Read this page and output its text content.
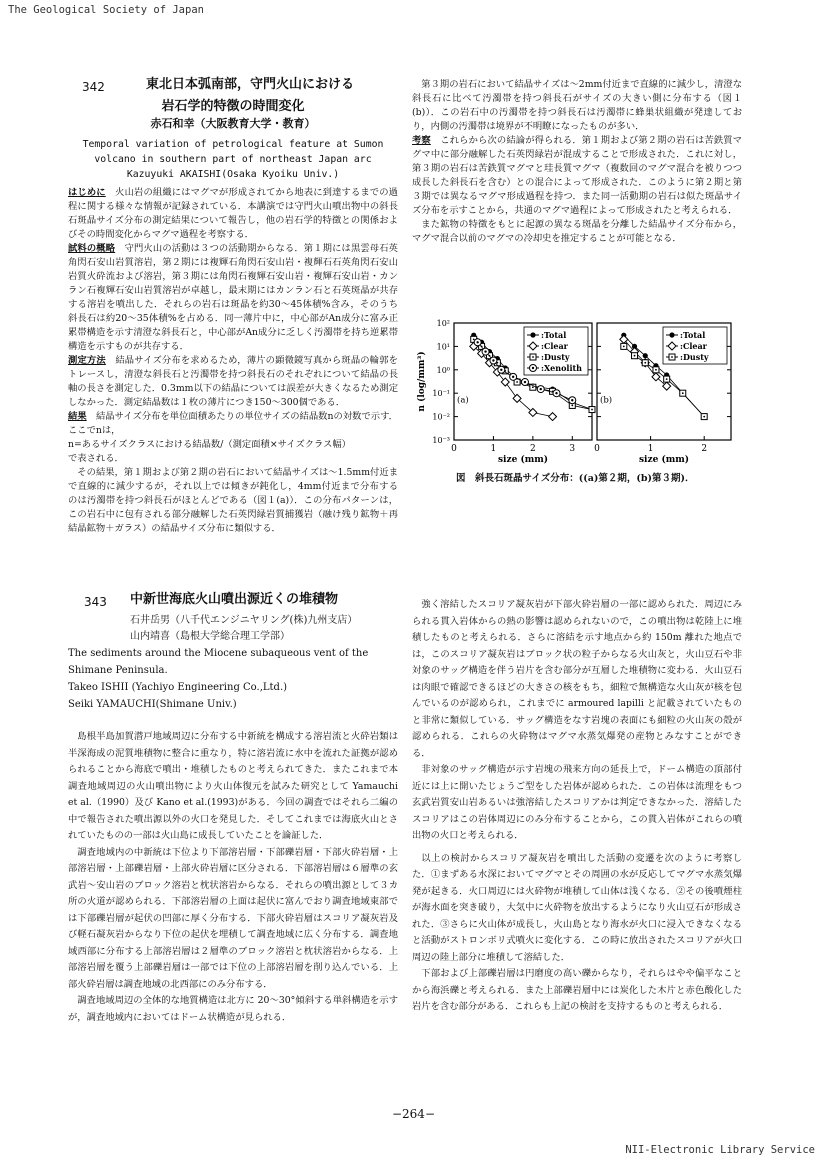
The Geological Society of Japan
342	東北日本弧南部，守門火山における
岩石学的特徴の時間変化
赤石和幸（大阪教育大学・教育）
Temporal variation of petrological feature at Sumon
volcano in southern part of northeast Japan arc
Kazuyuki AKAISHI(Osaka Kyoiku Univ.)

はじめに　 火山岩の組織にはマグマが形成されてから地表に到達するまでの過程に関する様々な情報が記録されている．本講演では守門火山噴出物中の斜長石斑晶サイズ分布の測定結果について報告し，他の岩石学的特徴との関係およびその時間変化からマグマ過程を考察する．

試料の概略　 守門火山の活動は３つの活動期からなる．第１期には黒雲母石英角閃石安山岩質溶岩，第２期には複輝石角閃石安山岩・複輝石石英角閃石安山岩質火砕流および溶岩，第３期には角閃石複輝石安山岩・複輝石安山岩・カンラン石複輝石安山岩質溶岩が卓越し，最末期にはカンラン石と石英斑晶が共存する溶岩を噴出した．それらの岩石は斑晶を約30～45体積%含み，そのうち斜長石は約20～35体積%を占める．同一薄片中に，中心部がAn成分に富み正累帯構造を示す清澄な斜長石と，中心部がAn成分に乏しく汚濁帯を持ち逆累帯構造を示すものが共存する．

測定方法　 結晶サイズ分布を求めるため，薄片の顕微鏡写真から斑晶の輪郭をトレースし，清澄な斜長石と汚濁帯を持つ斜長石のそれぞれについて結晶の長軸の長さを測定した．0.3mm以下の結晶については誤差が大きくなるため測定しなかった．測定結晶数は１枚の薄片につき150～300個である．

結果　 結晶サイズ分布を単位面積あたりの単位サイズの結晶数nの対数で示す．ここでnは，

n=あるサイズクラスにおける結晶数/（測定面積×サイズクラス幅）

で表される．

その結果，第１期および第２期の岩石において結晶サイズは～1.5mm付近まで直線的に減少するが，それ以上では傾きが鈍化し，4mm付近まで分布するのは汚濁帯を持つ斜長石がほとんどである（図１(a)）．この分布パターンは，この岩石中に包有される部分融解した石英閃緑岩質捕獲岩（融け残り鉱物＋再結晶鉱物＋ガラス）の結晶サイズ分布に類似する．

第３期の岩石において結晶サイズは～2mm付近まで直線的に減少し，清澄な斜長石に比べて汚濁帯を持つ斜長石がサイズの大きい側に分布する（図１(b)）．この岩石中の汚濁帯を持つ斜長石は汚濁帯に蜂巣状組織が発達しており，内側の汚濁帯は境界が不明瞭になったものが多い．

考察　 これらから次の結論が得られる．第１期および第２期の岩石は苦鉄質マグマ中に部分融解した石英閃緑岩が混成することで形成された．これに対し，第３期の岩石は苦鉄質マグマと珪長質マグマ（複数回のマグマ混合を被りつつ成長した斜長石を含む）との混合によって形成された．このように第２期と第３期では異なるマグマ形成過程を持つ．また同一活動期の岩石は似た斑晶サイズ分布を示すことから，共通のマグマ過程によって形成されたと考えられる．

また鉱物の特徴をもとに起源の異なる斑晶を分離した結晶サイズ分布から，マグマ混合以前のマグマの冷却史を推定することが可能となる．

10²
10¹
10⁰
10⁻¹
10⁻²
10⁻³
0	1	2	3
size (mm)
n (log/mm³)	(a)
:Total
:Clear
:Dusty
:Xenolith
0	1	2
size (mm)
(b)
:Total
:Clear
:Dusty
図　斜長石斑晶サイズ分布：((a)第２期，(b)第３期)．
343 中新世海底火山噴出源近くの堆積物
石井岳男（八千代エンジニヤリング(株)九州支店）
山内靖喜（島根大学総合理工学部）
The sediments around the Miocene subaqueous vent of the
Shimane Peninsula.
Takeo ISHII (Yachiyo Engineering Co.,Ltd.)
Seiki YAMAUCHI(Shimane Univ.)

島根半島加賀潜戸地域周辺に分布する中新統を構成する溶岩流と火砕岩類は半深海成の泥質堆積物に整合に重なり，特に溶岩流に水中を流れた証拠が認められることから海底で噴出・堆積したものと考えられてきた．またこれまで本調査地域周辺の火山噴出物により火山体復元を試みた研究として Yamauchi et al.（1990）及び Kano et al.(1993)がある．今回の調査ではそれら二編の中で報告された噴出源以外の火口を発見した．そしてこれまでは海底火山とされていたものの一部は火山島に成長していたことを論証した．

調査地域内の中新統は下位より下部溶岩層・下部礫岩層・下部火砕岩層・上部溶岩層・上部礫岩層・上部火砕岩層に区分される．下部溶岩層は６層準の玄武岩～安山岩のブロック溶岩と枕状溶岩からなる．それらの噴出源として３カ所の火道が認められる．下部溶岩層の上面は起伏に富んでおり調査地域東部では下部礫岩層が起伏の凹部に厚く分布する．下部火砕岩層はスコリア凝灰岩及び軽石凝灰岩からなり下位の起伏を埋積して調査地域に広く分布する．調査地域西部に分布する上部溶岩層は２層準のブロック溶岩と枕状溶岩からなる．上部溶岩層を覆う上部礫岩層は一部では下位の上部溶岩層を削り込んでいる．上部火砕岩層は調査地域の北西部にのみ分布する．

調査地域周辺の全体的な地質構造は北方に 20～30°傾斜する単斜構造を示すが，調査地域内においてはドーム状構造が見られる．

強く溶結したスコリア凝灰岩が下部火砕岩層の一部に認められた．周辺にみられる貫入岩体からの熱の影響は認められないので，この噴出物は乾陸上に堆積したものと考えられる．さらに溶結を示す地点から約 150m 離れた地点では，このスコリア凝灰岩はブロック状の粒子からなる火山灰と，火山豆石や非対象のサッグ構造を伴う岩片を含む部分が互層した堆積物に変わる．火山豆石は肉眼で確認できるほどの大きさの核をもち，細粒で無構造な火山灰が核を包んでいるのが認められ，これまでに armoured lapilli と記載されていたものと非常に類似している．サッグ構造をなす岩塊の表面にも細粒の火山灰の殻が認められる．これらの火砕物はマグマ水蒸気爆発の産物とみなすことができる．

非対象のサッグ構造が示す岩塊の飛来方向の延長上で，ドーム構造の頂部付近には上に開いたじょうご型をした岩体が認められた．この岩体は流理をもつ玄武岩質安山岩あるいは強溶結したスコリアかは判定できなかった．溶結したスコリアはこの岩体周辺にのみ分布することから，この貫入岩体がこれらの噴出物の火口と考えられる．

以上の検討からスコリア凝灰岩を噴出した活動の変遷を次のように考察した．①まずある水深においてマグマとその周囲の水が反応してマグマ水蒸気爆発が起きる．火口周辺には火砕物が堆積して山体は浅くなる．②その後噴煙柱が海水面を突き破り，大気中に火砕物を放出するようになり火山豆石が形成された．③さらに火山体が成長し，火山島となり海水が火口に浸入できなくなると活動がストロンボリ式噴火に変化する．この時に放出されたスコリアが火口周辺の陸上部分に堆積して溶結した．

下部および上部礫岩層は円磨度の高い礫からなり，それらはやや偏平なことから海浜礫と考えられる．また上部礫岩層中には炭化した木片と赤色酸化した岩片を含む部分がある．これらも上記の検討を支持するものと考えられる．

−264−
NII-Electronic Library Service
